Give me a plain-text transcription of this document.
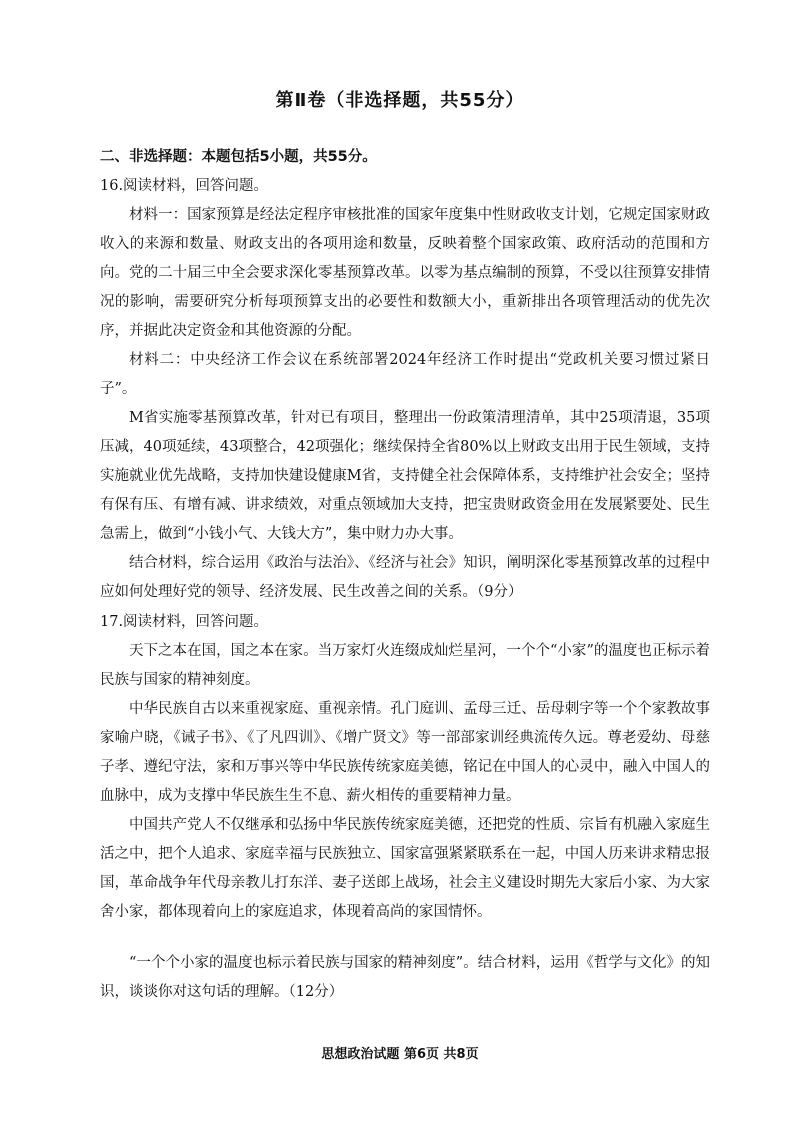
第Ⅱ卷（非选择题，共55分）

二、非选择题：本题包括5小题，共55分。

16.阅读材料，回答问题。

材料一：国家预算是经法定程序审核批准的国家年度集中性财政收支计划，它规定国家财政收入的来源和数量、财政支出的各项用途和数量，反映着整个国家政策、政府活动的范围和方向。党的二十届三中全会要求深化零基预算改革。以零为基点编制的预算，不受以往预算安排情况的影响，需要研究分析每项预算支出的必要性和数额大小，重新排出各项管理活动的优先次序，并据此决定资金和其他资源的分配。

材料二：中央经济工作会议在系统部署2024年经济工作时提出“党政机关要习惯过紧日子”。

M省实施零基预算改革，针对已有项目，整理出一份政策清理清单，其中25项清退，35项压减，40项延续，43项整合，42项强化；继续保持全省80%以上财政支出用于民生领域，支持实施就业优先战略，支持加快建设健康M省，支持健全社会保障体系，支持维护社会安全；坚持有保有压、有增有减、讲求绩效，对重点领域加大支持，把宝贵财政资金用在发展紧要处、民生急需上，做到“小钱小气、大钱大方”，集中财力办大事。

结合材料，综合运用《政治与法治》、《经济与社会》知识，阐明深化零基预算改革的过程中应如何处理好党的领导、经济发展、民生改善之间的关系。（9分）

17.阅读材料，回答问题。

天下之本在国，国之本在家。当万家灯火连缀成灿烂星河，一个个“小家”的温度也正标示着民族与国家的精神刻度。

中华民族自古以来重视家庭、重视亲情。孔门庭训、孟母三迁、岳母刺字等一个个家教故事家喻户晓，《诫子书》、《了凡四训》、《增广贤文》等一部部家训经典流传久远。尊老爱幼、母慈子孝、遵纪守法，家和万事兴等中华民族传统家庭美德，铭记在中国人的心灵中，融入中国人的血脉中，成为支撑中华民族生生不息、薪火相传的重要精神力量。

中国共产党人不仅继承和弘扬中华民族传统家庭美德，还把党的性质、宗旨有机融入家庭生活之中，把个人追求、家庭幸福与民族独立、国家富强紧紧联系在一起，中国人历来讲求精忠报国，革命战争年代母亲教儿打东洋、妻子送郎上战场，社会主义建设时期先大家后小家、为大家舍小家，都体现着向上的家庭追求，体现着高尚的家国情怀。

“一个个小家的温度也标示着民族与国家的精神刻度”。结合材料，运用《哲学与文化》的知识，谈谈你对这句话的理解。（12分）

思想政治试题 第6页 共8页
